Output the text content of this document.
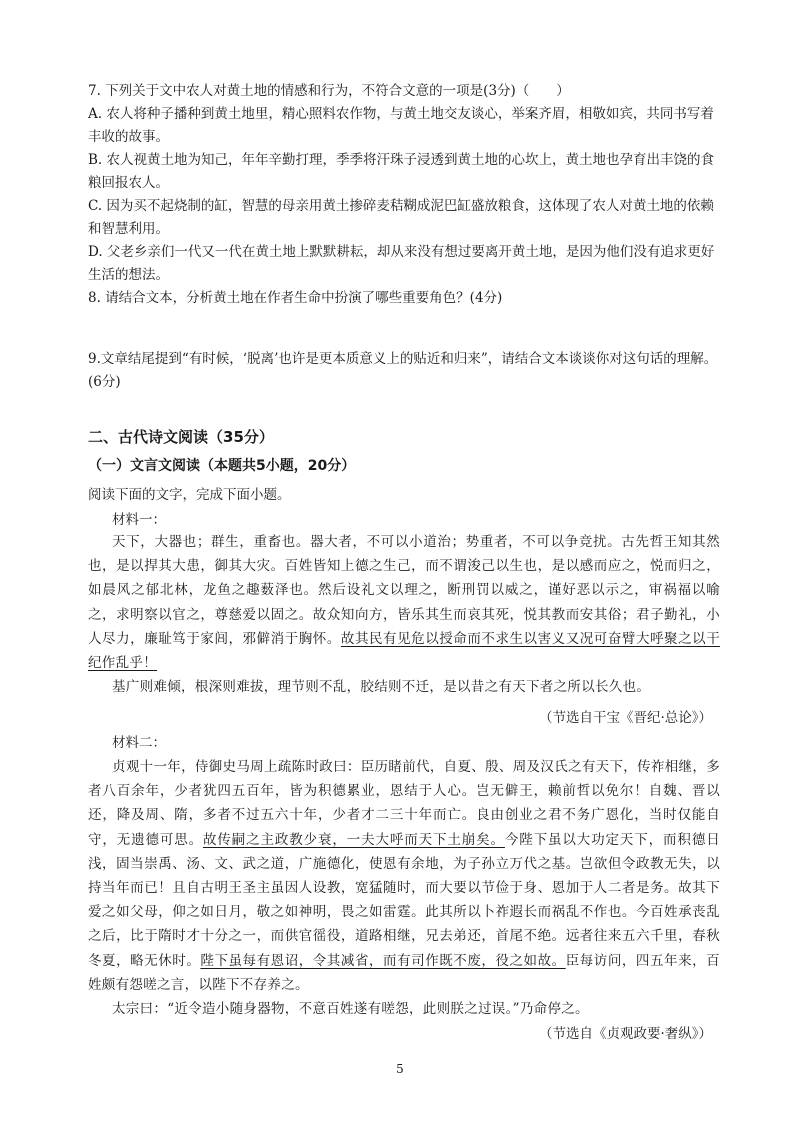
7. 下列关于文中农人对黄土地的情感和行为，不符合文意的一项是(3分)（　　）

A. 农人将种子播种到黄土地里，精心照料农作物，与黄土地交友谈心，举案齐眉，相敬如宾，共同书写着丰收的故事。

B. 农人视黄土地为知己，年年辛勤打理，季季将汗珠子浸透到黄土地的心坎上，黄土地也孕育出丰饶的食粮回报农人。

C. 因为买不起烧制的缸，智慧的母亲用黄土掺碎麦秸糊成泥巴缸盛放粮食，这体现了农人对黄土地的依赖和智慧利用。

D. 父老乡亲们一代又一代在黄土地上默默耕耘，却从来没有想过要离开黄土地，是因为他们没有追求更好生活的想法。

8. 请结合文本，分析黄土地在作者生命中扮演了哪些重要角色？(4分)

9.文章结尾提到“有时候，‘脱离’也许是更本质意义上的贴近和归来”，请结合文本谈谈你对这句话的理解。(6分)

二、古代诗文阅读（35分）
（一）文言文阅读（本题共5小题，20分）
阅读下面的文字，完成下面小题。
材料一：

天下，大器也；群生，重畜也。器大者，不可以小道治；势重者，不可以争竞扰。古先哲王知其然也，是以捍其大患，御其大灾。百姓皆知上德之生己，而不谓浚己以生也，是以感而应之，悦而归之，如晨风之郁北林，龙鱼之趣薮泽也。然后设礼文以理之，断刑罚以威之，谨好恶以示之，审祸福以喻之，求明察以官之，尊慈爱以固之。故众知向方，皆乐其生而哀其死，悦其教而安其俗；君子勤礼，小人尽力，廉耻笃于家闾，邪僻消于胸怀。故其民有见危以授命而不求生以害义又况可奋臂大呼聚之以干纪作乱乎！

基广则难倾，根深则难拔，理节则不乱，胶结则不迁，是以昔之有天下者之所以长久也。

（节选自干宝《晋纪·总论》）
材料二：

贞观十一年，侍御史马周上疏陈时政曰：臣历睹前代，自夏、殷、周及汉氏之有天下，传祚相继，多者八百余年，少者犹四五百年，皆为积德累业，恩结于人心。岂无僻王，赖前哲以免尔！自魏、晋以还，降及周、隋，多者不过五六十年，少者才二三十年而亡。良由创业之君不务广恩化，当时仅能自守，无遗德可思。故传嗣之主政教少衰，一夫大呼而天下土崩矣。今陛下虽以大功定天下，而积德日浅，固当崇禹、汤、文、武之道，广施德化，使恩有余地，为子孙立万代之基。岂欲但令政教无失，以持当年而已！且自古明王圣主虽因人设教，宽猛随时，而大要以节俭于身、恩加于人二者是务。故其下爱之如父母，仰之如日月，敬之如神明，畏之如雷霆。此其所以卜祚遐长而祸乱不作也。今百姓承丧乱之后，比于隋时才十分之一，而供官徭役，道路相继，兄去弟还，首尾不绝。远者往来五六千里，春秋冬夏，略无休时。陛下虽每有恩诏，令其减省，而有司作既不废，役之如故。臣每访问，四五年来，百姓颇有怨嗟之言，以陛下不存养之。

太宗曰：“近令造小随身器物，不意百姓遂有嗟怨，此则朕之过误。”乃命停之。

（节选自《贞观政要·奢纵》）
5
